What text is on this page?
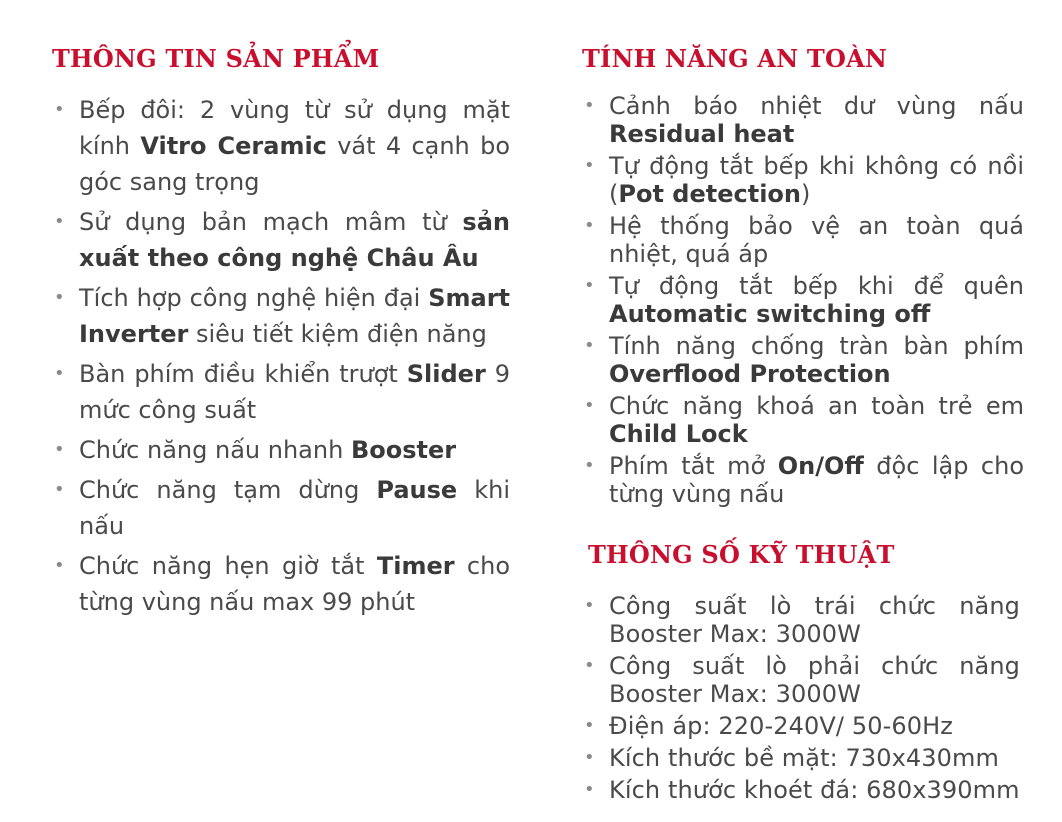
THÔNG TIN SẢN PHẨM
• Bếp đôi: 2 vùng từ sử dụng mặt kính Vitro Ceramic vát 4 cạnh bo góc sang trọng
• Sử dụng bản mạch mâm từ sản xuất theo công nghệ Châu Âu
• Tích hợp công nghệ hiện đại Smart Inverter siêu tiết kiệm điện năng
• Bàn phím điều khiển trượt Slider 9 mức công suất
• Chức năng nấu nhanh Booster
• Chức năng tạm dừng Pause khi nấu
• Chức năng hẹn giờ tắt Timer cho từng vùng nấu max 99 phút
TÍNH NĂNG AN TOÀN
• Cảnh báo nhiệt dư vùng nấu Residual heat
• Tự động tắt bếp khi không có nồi (Pot detection)
• Hệ thống bảo vệ an toàn quá nhiệt, quá áp
• Tự động tắt bếp khi để quên Automatic switching off
• Tính năng chống tràn bàn phím Overflood Protection
• Chức năng khoá an toàn trẻ em Child Lock
• Phím tắt mở On/Off độc lập cho từng vùng nấu
THÔNG SỐ KỸ THUẬT
• Công suất lò trái chức năng Booster Max: 3000W
• Công suất lò phải chức năng Booster Max: 3000W
• Điện áp: 220-240V/ 50-60Hz
• Kích thước bề mặt: 730x430mm
• Kích thước khoét đá: 680x390mm
